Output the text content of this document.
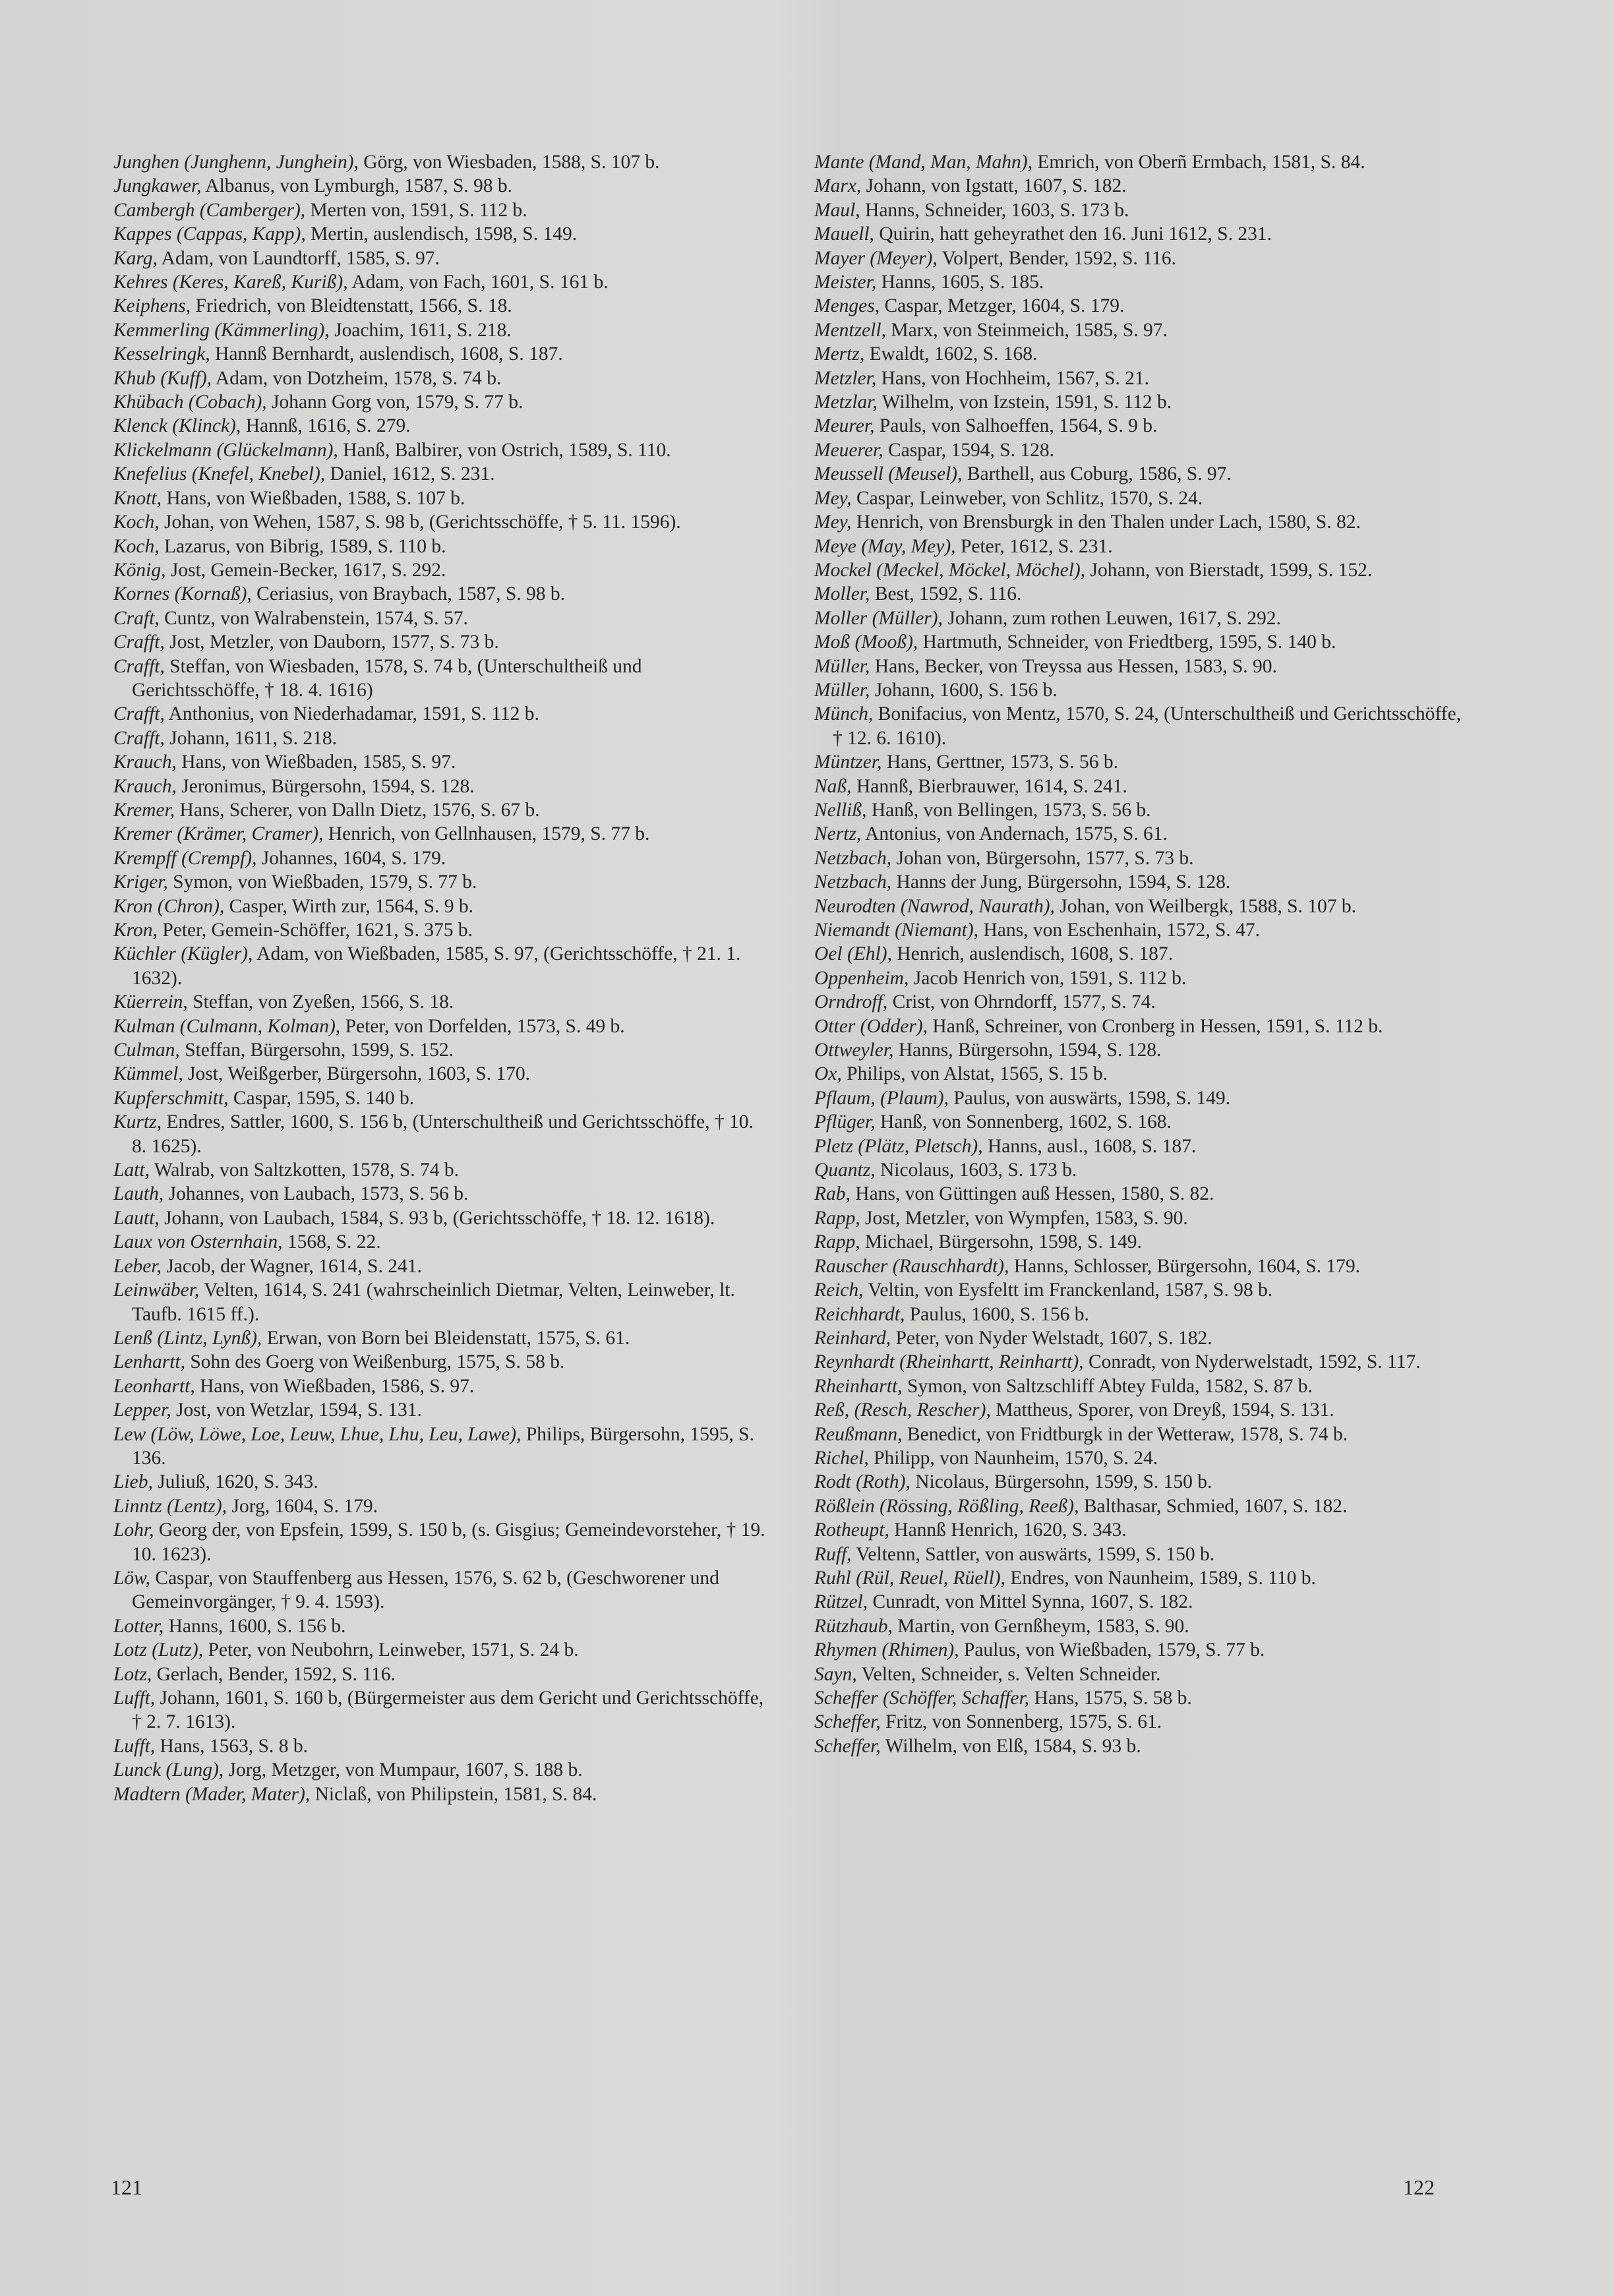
Junghen (Junghenn, Junghein), Görg, von Wiesbaden, 1588, S. 107 b.
Jungkawer, Albanus, von Lymburgh, 1587, S. 98 b.
Cambergh (Camberger), Merten von, 1591, S. 112 b.
Kappes (Cappas, Kapp), Mertin, auslendisch, 1598, S. 149.
Karg, Adam, von Laundtorff, 1585, S. 97.
Kehres (Keres, Kareß, Kurіß), Adam, von Fach, 1601, S. 161 b.
Keiphens, Friedrich, von Bleidtenstatt, 1566, S. 18.
Kemmerling (Kämmerling), Joachim, 1611, S. 218.
Kesselringk, Hannß Bernhardt, auslendisch, 1608, S. 187.
Khub (Kuff), Adam, von Dotzheim, 1578, S. 74 b.
Khübach (Cobach), Johann Gorg von, 1579, S. 77 b.
Klenck (Klinck), Hannß, 1616, S. 279.
Klickelmann (Glückelmann), Hanß, Balbirer, von Ostrich, 1589, S. 110.
Knefelius (Knefel, Knebel), Daniel, 1612, S. 231.
Knott, Hans, von Wießbaden, 1588, S. 107 b.
Koch, Johan, von Wehen, 1587, S. 98 b, (Gerichtsschöffe, † 5. 11. 1596).
Koch, Lazarus, von Bibrig, 1589, S. 110 b.
König, Jost, Gemein-Becker, 1617, S. 292.
Kornes (Kornaß), Ceriasius, von Braybach, 1587, S. 98 b.
Craft, Cuntz, von Walrabenstein, 1574, S. 57.
Crafft, Jost, Metzler, von Dauborn, 1577, S. 73 b.
Crafft, Steffan, von Wiesbaden, 1578, S. 74 b, (Unterschultheiß und Gerichtsschöffe, † 18. 4. 1616)
Crafft, Anthonius, von Niederhadamar, 1591, S. 112 b.
Crafft, Johann, 1611, S. 218.
Krauch, Hans, von Wießbaden, 1585, S. 97.
Krauch, Jeronimus, Bürgersohn, 1594, S. 128.
Kremer, Hans, Scherer, von Dalln Dietz, 1576, S. 67 b.
Kremer (Krämer, Cramer), Henrich, von Gellnhausen, 1579, S. 77 b.
Krempff (Crempf), Johannes, 1604, S. 179.
Kriger, Symon, von Wießbaden, 1579, S. 77 b.
Kron (Chron), Casper, Wirth zur, 1564, S. 9 b.
Kron, Peter, Gemein-Schöffer, 1621, S. 375 b.
Küchler (Kügler), Adam, von Wießbaden, 1585, S. 97, (Gerichtsschöffe, † 21. 1. 1632).
Küerrein, Steffan, von Zyeßen, 1566, S. 18.
Kulman (Culmann, Kolman), Peter, von Dorfelden, 1573, S. 49 b.
Culman, Steffan, Bürgersohn, 1599, S. 152.
Kümmel, Jost, Weißgerber, Bürgersohn, 1603, S. 170.
Kupferschmitt, Caspar, 1595, S. 140 b.
Kurtz, Endres, Sattler, 1600, S. 156 b, (Unterschultheiß und Gerichtsschöffe, † 10. 8. 1625).
Latt, Walrab, von Saltzkotten, 1578, S. 74 b.
Lauth, Johannes, von Laubach, 1573, S. 56 b.
Lautt, Johann, von Laubach, 1584, S. 93 b, (Gerichtsschöffe, † 18. 12. 1618).
Laux von Osternhain, 1568, S. 22.
Leber, Jacob, der Wagner, 1614, S. 241.
Leinwäber, Velten, 1614, S. 241 (wahrscheinlich Dietmar, Velten, Leinweber, lt. Taufb. 1615 ff.).
Lenß (Lintz, Lynß), Erwan, von Born bei Bleidenstatt, 1575, S. 61.
Lenhartt, Sohn des Goerg von Weißenburg, 1575, S. 58 b.
Leonhartt, Hans, von Wießbaden, 1586, S. 97.
Lepper, Jost, von Wetzlar, 1594, S. 131.
Lew (Löw, Löwe, Loe, Leuw, Lhue, Lhu, Leu, Lawe), Philips, Bürgersohn, 1595, S. 136.
Lieb, Juliuß, 1620, S. 343.
Linntz (Lentz), Jorg, 1604, S. 179.
Lohr, Georg der, von Epsfein, 1599, S. 150 b, (s. Gisgius; Gemeindevorsteher, † 19. 10. 1623).
Löw, Caspar, von Stauffenberg aus Hessen, 1576, S. 62 b, (Geschworener und Gemeinvorgänger, † 9. 4. 1593).
Lotter, Hanns, 1600, S. 156 b.
Lotz (Lutz), Peter, von Neubohrn, Leinweber, 1571, S. 24 b.
Lotz, Gerlach, Bender, 1592, S. 116.
Lufft, Johann, 1601, S. 160 b, (Bürgermeister aus dem Gericht und Gerichtsschöffe, † 2. 7. 1613).
Lufft, Hans, 1563, S. 8 b.
Lunck (Lung), Jorg, Metzger, von Mumpaur, 1607, S. 188 b.
Madtern (Mader, Mater), Niclaß, von Philipstein, 1581, S. 84.
Mante (Mand, Man, Mahn), Emrich, von Oberñ Ermbach, 1581, S. 84.
Marx, Johann, von Igstatt, 1607, S. 182.
Maul, Hanns, Schneider, 1603, S. 173 b.
Mauell, Quirin, hatt geheyrathet den 16. Juni 1612, S. 231.
Mayer (Meyer), Volpert, Bender, 1592, S. 116.
Meister, Hanns, 1605, S. 185.
Menges, Caspar, Metzger, 1604, S. 179.
Mentzell, Marx, von Steinmeich, 1585, S. 97.
Mertz, Ewaldt, 1602, S. 168.
Metzler, Hans, von Hochheim, 1567, S. 21.
Metzlar, Wilhelm, von Izstein, 1591, S. 112 b.
Meurer, Pauls, von Salhoeffen, 1564, S. 9 b.
Meuerer, Caspar, 1594, S. 128.
Meussell (Meusel), Barthell, aus Coburg, 1586, S. 97.
Mey, Caspar, Leinweber, von Schlitz, 1570, S. 24.
Mey, Henrich, von Brensburgk in den Thalen under Lach, 1580, S. 82.
Meye (May, Mey), Peter, 1612, S. 231.
Mockel (Meckel, Möckel, Möchel), Johann, von Bierstadt, 1599, S. 152.
Moller, Best, 1592, S. 116.
Moller (Müller), Johann, zum rothen Leuwen, 1617, S. 292.
Moß (Mooß), Hartmuth, Schneider, von Friedtberg, 1595, S. 140 b.
Müller, Hans, Becker, von Treyssa aus Hessen, 1583, S. 90.
Müller, Johann, 1600, S. 156 b.
Münch, Bonifacius, von Mentz, 1570, S. 24, (Unterschultheiß und Gerichtsschöffe, † 12. 6. 1610).
Müntzer, Hans, Gerttner, 1573, S. 56 b.
Naß, Hannß, Bierbrauwer, 1614, S. 241.
Nellіß, Hanß, von Bellingen, 1573, S. 56 b.
Nertz, Antonius, von Andernach, 1575, S. 61.
Netzbach, Johan von, Bürgersohn, 1577, S. 73 b.
Netzbach, Hanns der Jung, Bürgersohn, 1594, S. 128.
Neurodten (Nawrod, Naurath), Johan, von Weilbergk, 1588, S. 107 b.
Niemandt (Niemant), Hans, von Eschenhain, 1572, S. 47.
Oel (Ehl), Henrich, auslendisch, 1608, S. 187.
Oppenheim, Jacob Henrich von, 1591, S. 112 b.
Orndroff, Crist, von Ohrndorff, 1577, S. 74.
Otter (Odder), Hanß, Schreiner, von Cronberg in Hessen, 1591, S. 112 b.
Ottweyler, Hanns, Bürgersohn, 1594, S. 128.
Ox, Philips, von Alstat, 1565, S. 15 b.
Pflaum, (Plaum), Paulus, von auswärts, 1598, S. 149.
Pflüger, Hanß, von Sonnenberg, 1602, S. 168.
Pletz (Plätz, Pletsch), Hanns, ausl., 1608, S. 187.
Quantz, Nicolaus, 1603, S. 173 b.
Rab, Hans, von Güttingen auß Hessen, 1580, S. 82.
Rapp, Jost, Metzler, von Wympfen, 1583, S. 90.
Rapp, Michael, Bürgersohn, 1598, S. 149.
Rauscher (Rauschhardt), Hanns, Schlosser, Bürgersohn, 1604, S. 179.
Reich, Veltin, von Eysfeltt im Franckenland, 1587, S. 98 b.
Reichhardt, Paulus, 1600, S. 156 b.
Reinhard, Peter, von Nyder Welstadt, 1607, S. 182.
Reynhardt (Rheinhartt, Reinhartt), Conradt, von Nyderwelstadt, 1592, S. 117.
Rheinhartt, Symon, von Saltzschliff Abtey Fulda, 1582, S. 87 b.
Reß, (Resch, Rescher), Mattheus, Sporer, von Dreyß, 1594, S. 131.
Reußmann, Benedict, von Fridtburgk in der Wetteraw, 1578, S. 74 b.
Richel, Philipp, von Naunheim, 1570, S. 24.
Rodt (Roth), Nicolaus, Bürgersohn, 1599, S. 150 b.
Rößlein (Rössing, Rößling, Reeß), Balthasar, Schmied, 1607, S. 182.
Rotheupt, Hannß Henrich, 1620, S. 343.
Ruff, Veltenn, Sattler, von auswärts, 1599, S. 150 b.
Ruhl (Rül, Reuel, Rüell), Endres, von Naunheim, 1589, S. 110 b.
Rützel, Cunradt, von Mittel Synna, 1607, S. 182.
Rützhaub, Martin, von Gernßheym, 1583, S. 90.
Rhymen (Rhimen), Paulus, von Wießbaden, 1579, S. 77 b.
Sayn, Velten, Schneider, s. Velten Schneider.
Scheffer (Schöffer, Schaffer, Hans, 1575, S. 58 b.
Scheffer, Fritz, von Sonnenberg, 1575, S. 61.
Scheffer, Wilhelm, von Elß, 1584, S. 93 b.
121	122
